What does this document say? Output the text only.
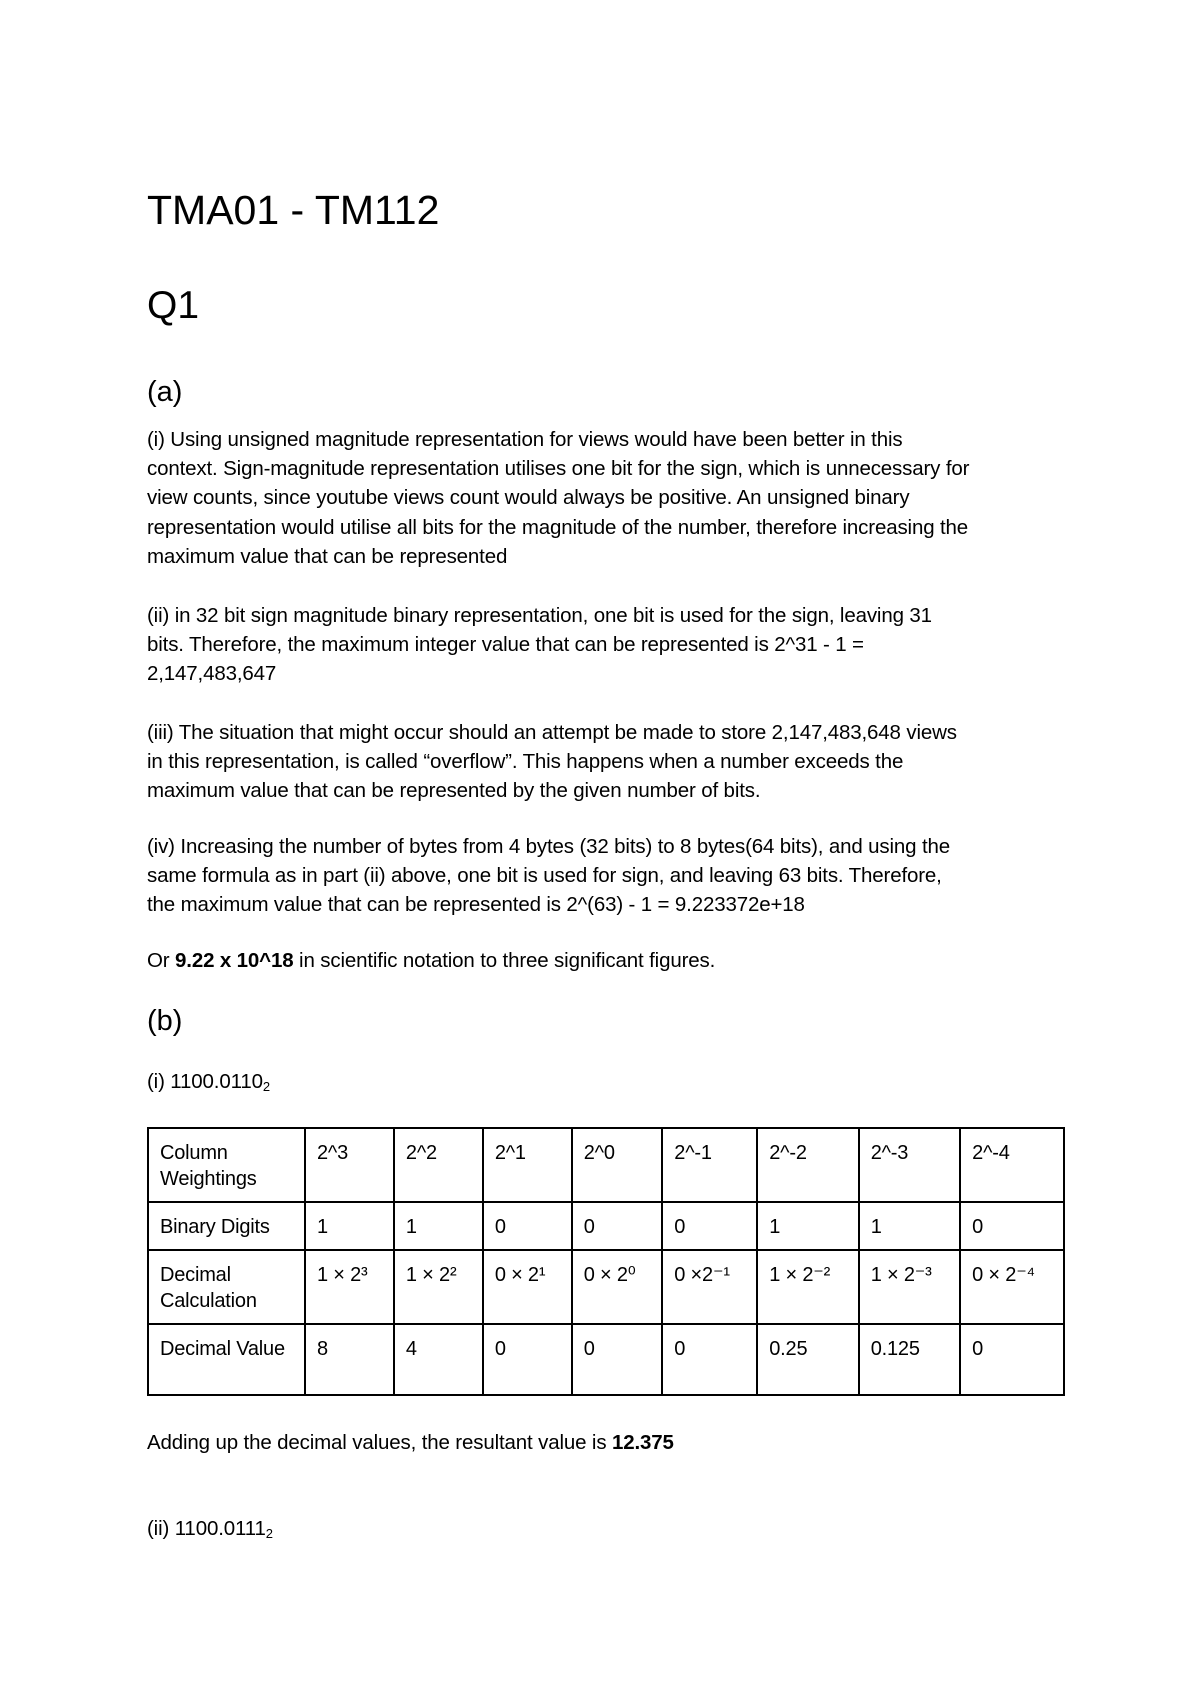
TMA01 - TM112
Q1
(a)

(i) Using unsigned magnitude representation for views would have been better in this
context. Sign-magnitude representation utilises one bit for the sign, which is unnecessary for
view counts, since youtube views count would always be positive. An unsigned binary
representation would utilise all bits for the magnitude of the number, therefore increasing the
maximum value that can be represented

(ii) in 32 bit sign magnitude binary representation, one bit is used for the sign, leaving 31
bits. Therefore, the maximum integer value that can be represented is 2^31 - 1 =
2,147,483,647

(iii) The situation that might occur should an attempt be made to store 2,147,483,648 views
in this representation, is called “overflow”. This happens when a number exceeds the
maximum value that can be represented by the given number of bits.

(iv) Increasing the number of bytes from 4 bytes (32 bits) to 8 bytes(64 bits), and using the
same formula as in part (ii) above, one bit is used for sign, and leaving 63 bits. Therefore,
the maximum value that can be represented is 2^(63) - 1 = 9.223372e+18

Or 9.22 x 10^18 in scientific notation to three significant figures.

(b)

(i) $1100.0110_2$

Column Weightings	2^3	2^2	2^1	2^0	2^-1	2^-2	2^-3	2^-4
Binary Digits	1	1	0	0	0	1	1	0
Decimal Calculation	1 × 2³	1 × 2²	0 × 2¹	0 × 2⁰	0 ×2⁻¹	1 × 2⁻²	1 × 2⁻³	0 × 2⁻⁴
Decimal Value	8	4	0	0	0	0.25	0.125	0

Adding up the decimal values, the resultant value is 12.375

(ii) $1100.0111_2$
